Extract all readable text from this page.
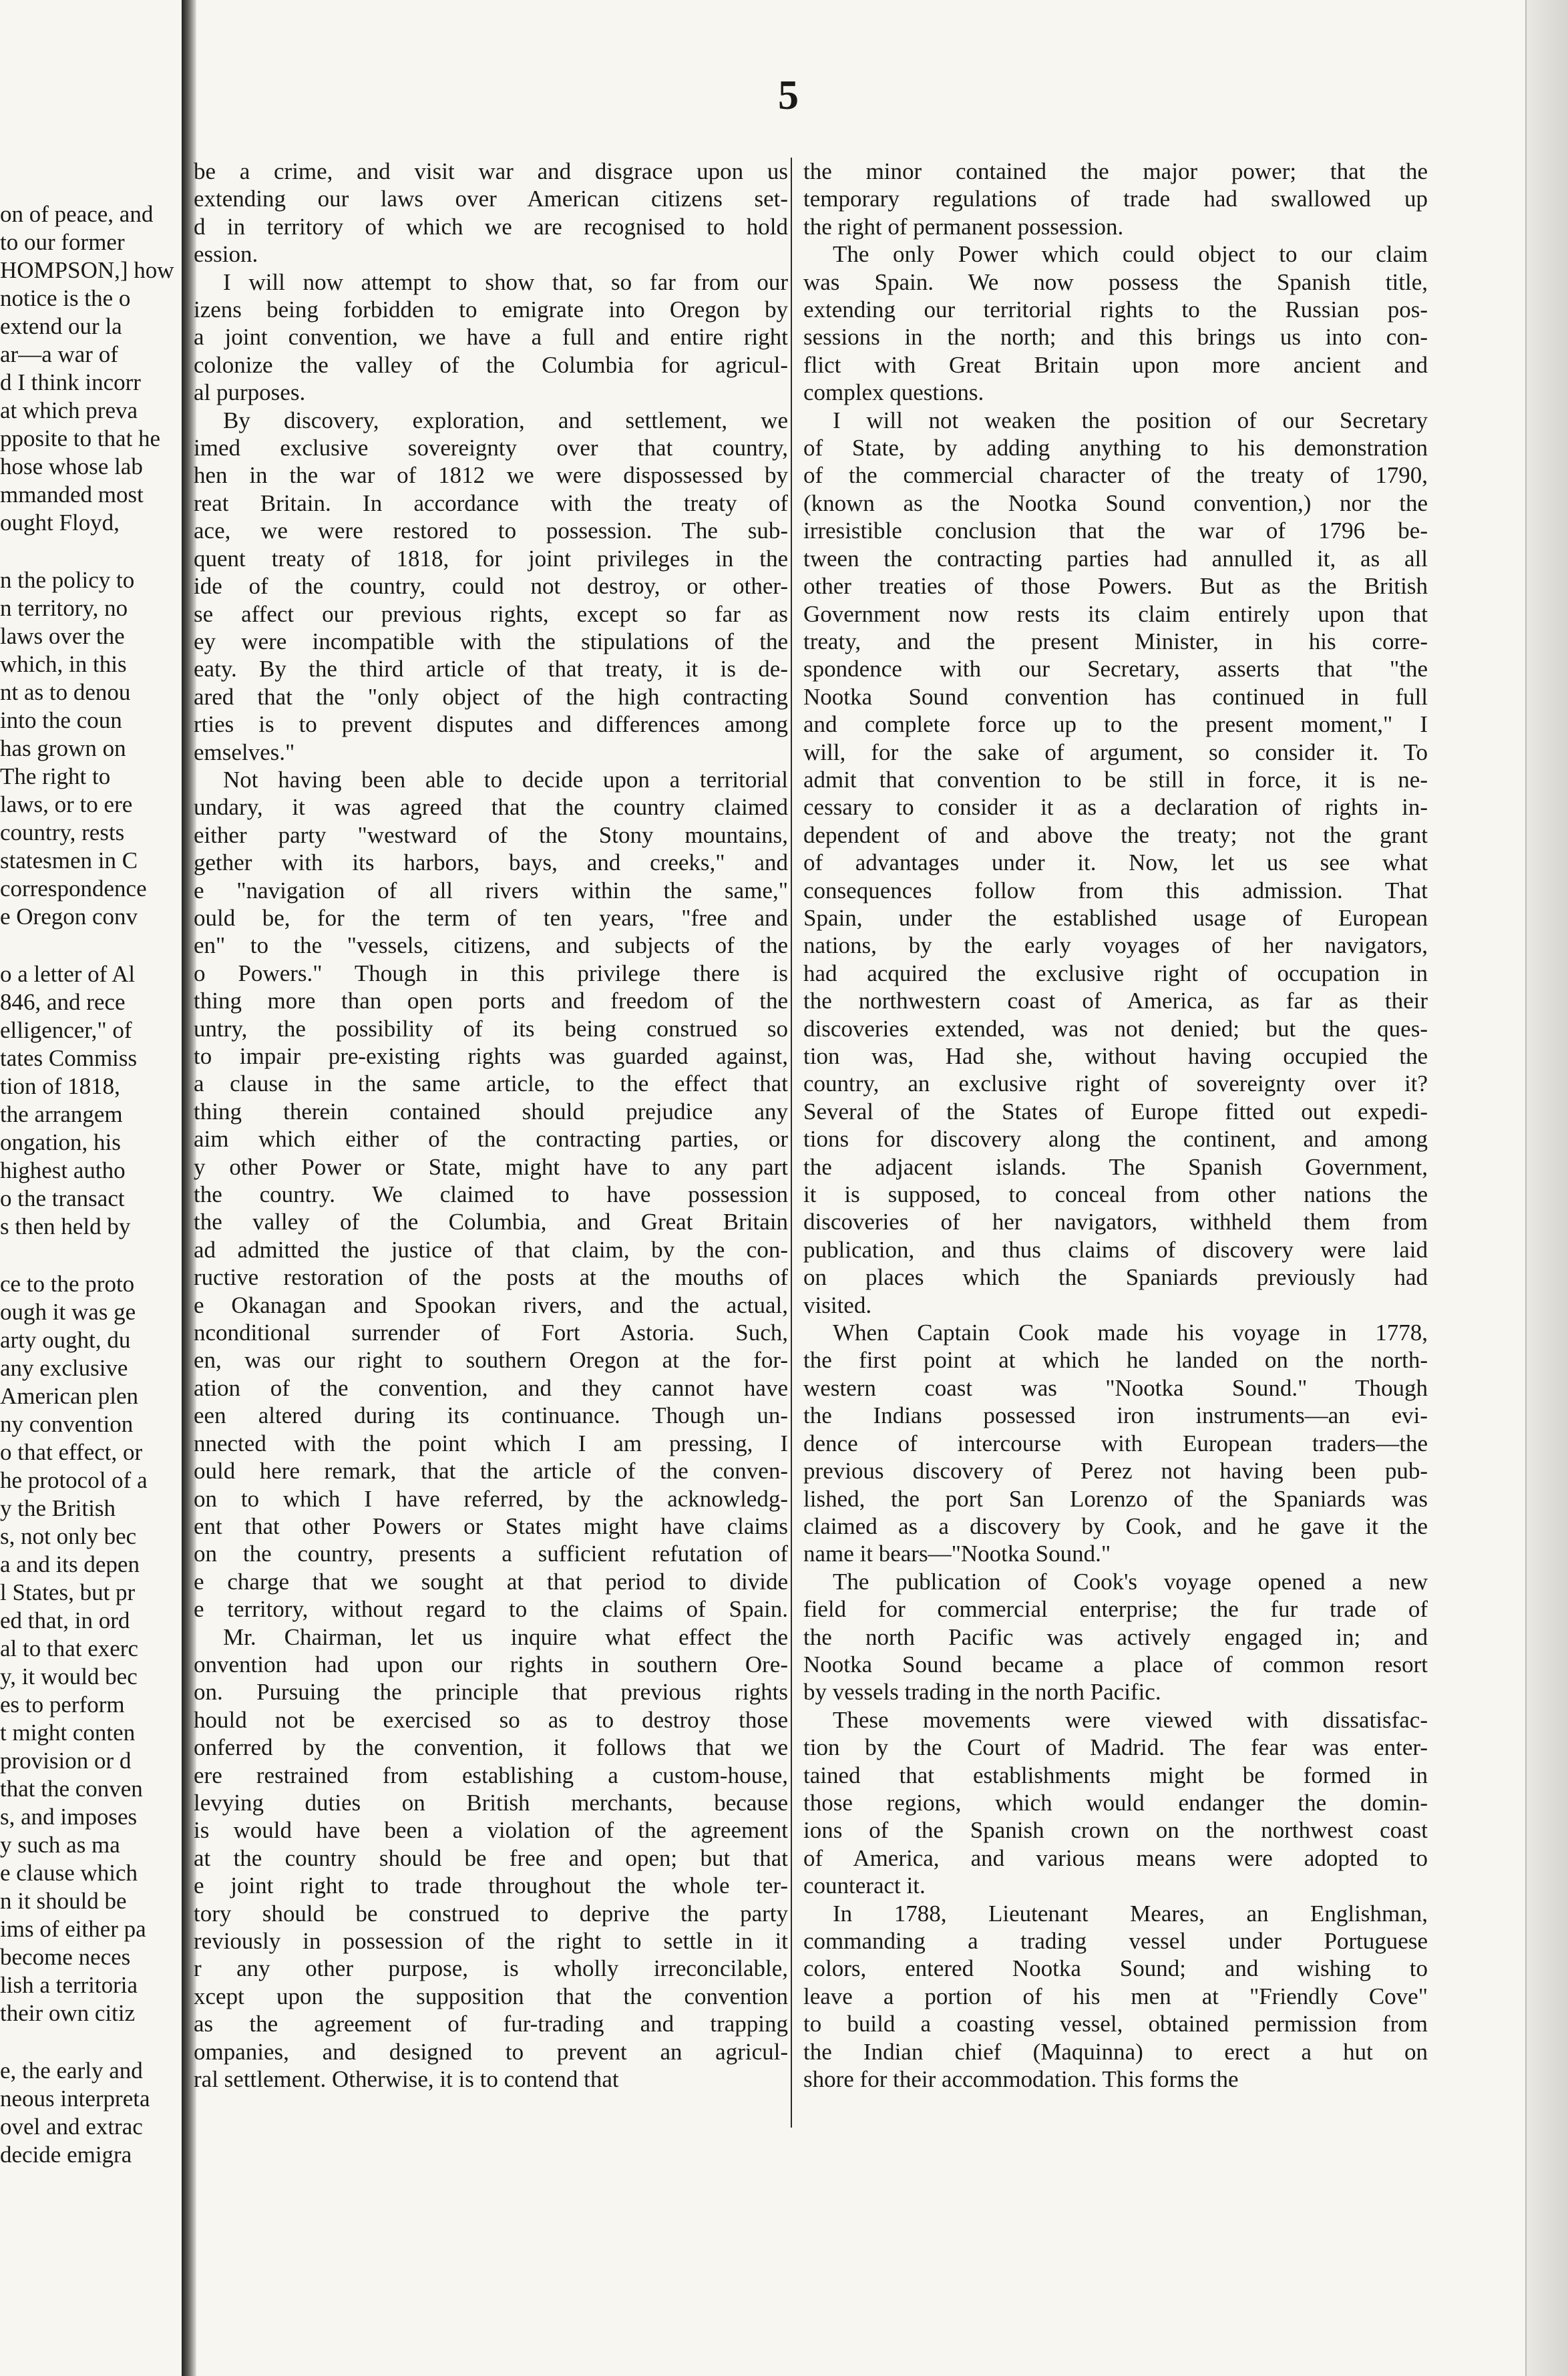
on of peace, and
to our former
HOMPSON,] how
notice is the o
extend our la
ar—a war of
d I think incorr
at which preva
pposite to that he
hose whose lab
mmanded most
ought Floyd,
n the policy to
n territory, no
laws over the
which, in this
nt as to denou
into the coun
has grown on
The right to
laws, or to ere
country, rests
statesmen in C
correspondence
e Oregon conv
o a letter of Al
846, and rece
elligencer," of
tates Commiss
tion of 1818,
the arrangem
ongation, his
highest autho
o the transact
s then held by
ce to the proto
ough it was ge
arty ought, du
any exclusive
American plen
ny convention
o that effect, or
he protocol of a
y the British
s, not only bec
a and its depen
l States, but pr
ed that, in ord
al to that exerc
y, it would bec
es to perform
t might conten
provision or d
that the conven
s, and imposes
y such as ma
e clause which
n it should be
ims of either pa
become neces
lish a territoria
their own citiz
e, the early and
neous interpreta
ovel and extrac
decide emigra
5
be a crime, and visit war and disgrace upon us
extending our laws over American citizens set-
d in territory of which we are recognised to hold
ession.
I will now attempt to show that, so far from our
izens being forbidden to emigrate into Oregon by
a joint convention, we have a full and entire right
colonize the valley of the Columbia for agricul-
al purposes.
By discovery, exploration, and settlement, we
imed exclusive sovereignty over that country,
hen in the war of 1812 we were dispossessed by
reat Britain. In accordance with the treaty of
ace, we were restored to possession. The sub-
quent treaty of 1818, for joint privileges in the
ide of the country, could not destroy, or other-
se affect our previous rights, except so far as
ey were incompatible with the stipulations of the
eaty. By the third article of that treaty, it is de-
ared that the "only object of the high contracting
rties is to prevent disputes and differences among
emselves."
Not having been able to decide upon a territorial
undary, it was agreed that the country claimed
either party "westward of the Stony mountains,
gether with its harbors, bays, and creeks," and
e "navigation of all rivers within the same,"
ould be, for the term of ten years, "free and
en" to the "vessels, citizens, and subjects of the
o Powers." Though in this privilege there is
thing more than open ports and freedom of the
untry, the possibility of its being construed so
to impair pre-existing rights was guarded against,
a clause in the same article, to the effect that
thing therein contained should prejudice any
aim which either of the contracting parties, or
y other Power or State, might have to any part
the country. We claimed to have possession
the valley of the Columbia, and Great Britain
ad admitted the justice of that claim, by the con-
ructive restoration of the posts at the mouths of
e Okanagan and Spookan rivers, and the actual,
nconditional surrender of Fort Astoria. Such,
en, was our right to southern Oregon at the for-
ation of the convention, and they cannot have
een altered during its continuance. Though un-
nnected with the point which I am pressing, I
ould here remark, that the article of the conven-
on to which I have referred, by the acknowledg-
ent that other Powers or States might have claims
on the country, presents a sufficient refutation of
e charge that we sought at that period to divide
e territory, without regard to the claims of Spain.
Mr. Chairman, let us inquire what effect the
onvention had upon our rights in southern Ore-
on. Pursuing the principle that previous rights
hould not be exercised so as to destroy those
onferred by the convention, it follows that we
ere restrained from establishing a custom-house,
levying duties on British merchants, because
is would have been a violation of the agreement
at the country should be free and open; but that
e joint right to trade throughout the whole ter-
tory should be construed to deprive the party
reviously in possession of the right to settle in it
r any other purpose, is wholly irreconcilable,
xcept upon the supposition that the convention
as the agreement of fur-trading and trapping
ompanies, and designed to prevent an agricul-
ral settlement. Otherwise, it is to contend that
the minor contained the major power; that the
temporary regulations of trade had swallowed up
the right of permanent possession.
The only Power which could object to our claim
was Spain. We now possess the Spanish title,
extending our territorial rights to the Russian pos-
sessions in the north; and this brings us into con-
flict with Great Britain upon more ancient and
complex questions.
I will not weaken the position of our Secretary
of State, by adding anything to his demonstration
of the commercial character of the treaty of 1790,
(known as the Nootka Sound convention,) nor the
irresistible conclusion that the war of 1796 be-
tween the contracting parties had annulled it, as all
other treaties of those Powers. But as the British
Government now rests its claim entirely upon that
treaty, and the present Minister, in his corre-
spondence with our Secretary, asserts that "the
Nootka Sound convention has continued in full
and complete force up to the present moment," I
will, for the sake of argument, so consider it. To
admit that convention to be still in force, it is ne-
cessary to consider it as a declaration of rights in-
dependent of and above the treaty; not the grant
of advantages under it. Now, let us see what
consequences follow from this admission. That
Spain, under the established usage of European
nations, by the early voyages of her navigators,
had acquired the exclusive right of occupation in
the northwestern coast of America, as far as their
discoveries extended, was not denied; but the ques-
tion was, Had she, without having occupied the
country, an exclusive right of sovereignty over it?
Several of the States of Europe fitted out expedi-
tions for discovery along the continent, and among
the adjacent islands. The Spanish Government,
it is supposed, to conceal from other nations the
discoveries of her navigators, withheld them from
publication, and thus claims of discovery were laid
on places which the Spaniards previously had
visited.
When Captain Cook made his voyage in 1778,
the first point at which he landed on the north-
western coast was "Nootka Sound." Though
the Indians possessed iron instruments—an evi-
dence of intercourse with European traders—the
previous discovery of Perez not having been pub-
lished, the port San Lorenzo of the Spaniards was
claimed as a discovery by Cook, and he gave it the
name it bears—"Nootka Sound."
The publication of Cook's voyage opened a new
field for commercial enterprise; the fur trade of
the north Pacific was actively engaged in; and
Nootka Sound became a place of common resort
by vessels trading in the north Pacific.
These movements were viewed with dissatisfac-
tion by the Court of Madrid. The fear was enter-
tained that establishments might be formed in
those regions, which would endanger the domin-
ions of the Spanish crown on the northwest coast
of America, and various means were adopted to
counteract it.
In 1788, Lieutenant Meares, an Englishman,
commanding a trading vessel under Portuguese
colors, entered Nootka Sound; and wishing to
leave a portion of his men at "Friendly Cove"
to build a coasting vessel, obtained permission from
the Indian chief (Maquinna) to erect a hut on
shore for their accommodation. This forms the
